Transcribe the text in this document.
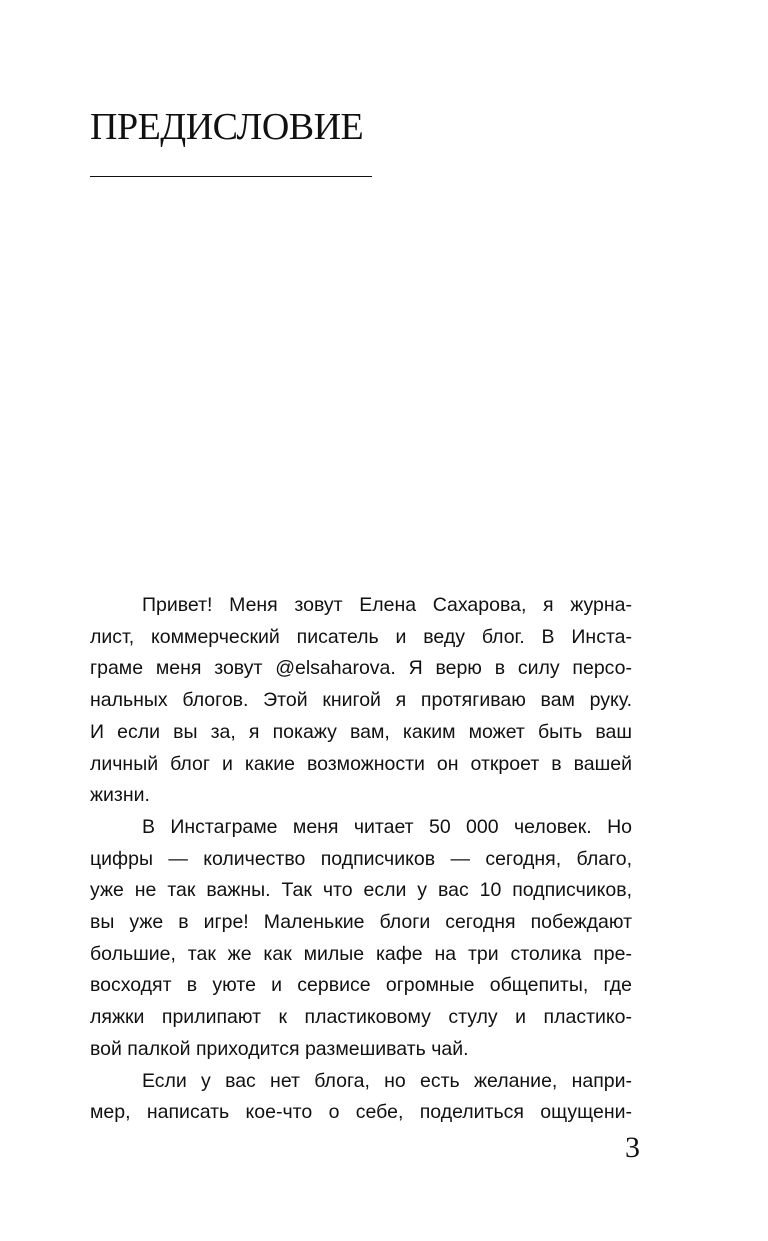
ПРЕДИСЛОВИЕ

Привет! Меня зовут Елена Сахарова, я журна-
лист, коммерческий писатель и веду блог. В Инста-
граме меня зовут @elsaharova. Я верю в силу персо-
нальных блогов. Этой книгой я протягиваю вам руку.
И если вы за, я покажу вам, каким может быть ваш
личный блог и какие возможности он откроет в вашей
жизни.

В Инстаграме меня читает 50 000 человек. Но
цифры — количество подписчиков — сегодня, благо,
уже не так важны. Так что если у вас 10 подписчиков,
вы уже в игре! Маленькие блоги сегодня побеждают
большие, так же как милые кафе на три столика пре-
восходят в уюте и сервисе огромные общепиты, где
ляжки прилипают к пластиковому стулу и пластико-
вой палкой приходится размешивать чай.

Если у вас нет блога, но есть желание, напри-
мер, написать кое-что о себе, поделиться ощущени-

3
